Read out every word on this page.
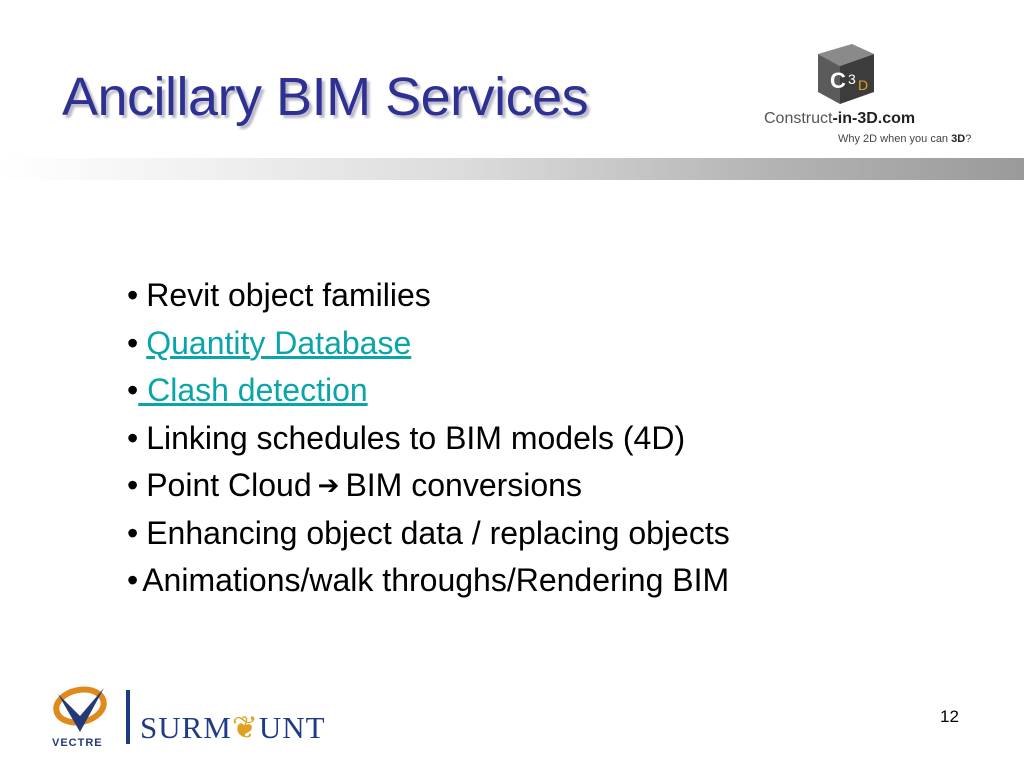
Ancillary BIM Services	C 3 D
Construct-in-3D.com
Why 2D when you can 3D?
• Revit object families
• Quantity Database
• Clash detection
• Linking schedules to BIM models (4D)
• Point Cloud ➔ BIM conversions
• Enhancing object data / replacing objects
• Animations/walk throughs/Rendering BIM
VECTRE SURM❦UNT	12
